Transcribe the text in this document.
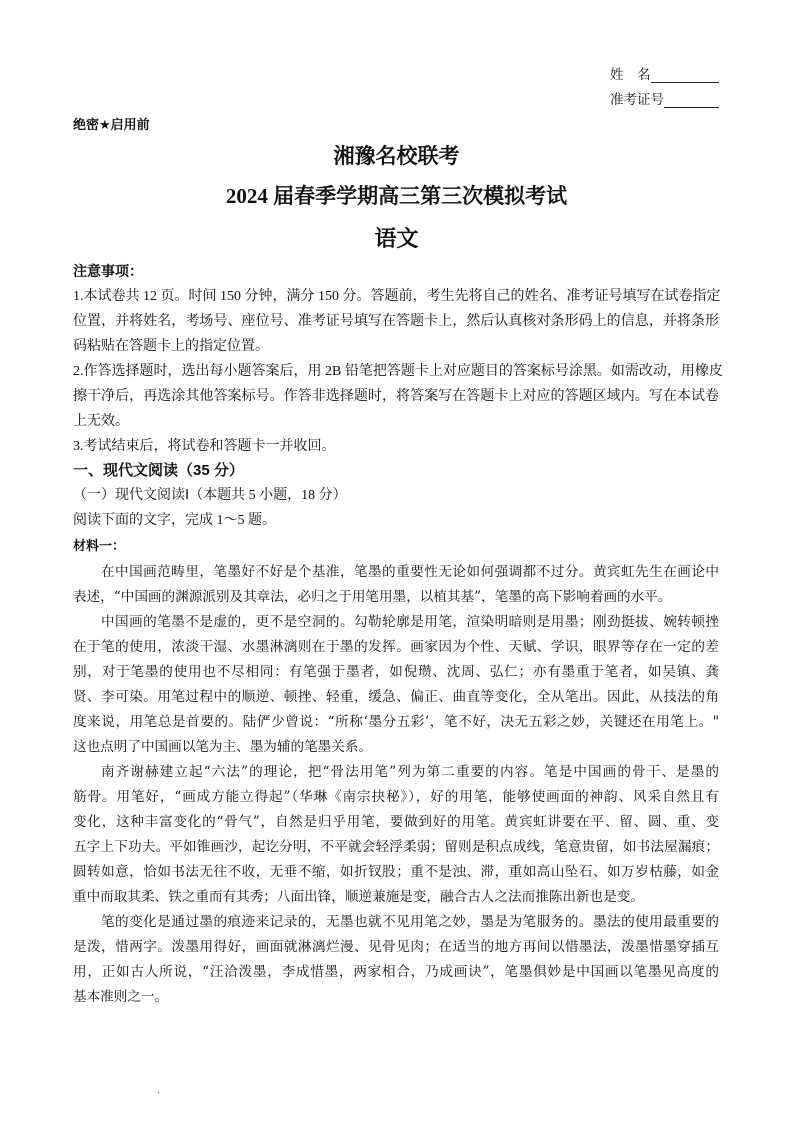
姓　名
准考证号
绝密★启用前
湘豫名校联考
2024 届春季学期高三第三次模拟考试
语文
注意事项：
1.本试卷共 12 页。时间 150 分钟，满分 150 分。答题前，考生先将自己的姓名、准考证号填写在试卷指定
位置，并将姓名，考场号、座位号、准考证号填写在答题卡上，然后认真核对条形码上的信息，并将条形
码粘贴在答题卡上的指定位置。
2.作答选择题时，选出每小题答案后，用 2B 铅笔把答题卡上对应题目的答案标号涂黑。如需改动，用橡皮
擦干净后，再选涂其他答案标号。作答非选择题时，将答案写在答题卡上对应的答题区域内。写在本试卷
上无效。
3.考试结束后，将试卷和答题卡一并收回。
一、现代文阅读（35 分）
（一）现代文阅读Ⅰ（本题共 5 小题，18 分）
阅读下面的文字，完成 1～5 题。
材料一：
在中国画范畴里，笔墨好不好是个基准，笔墨的重要性无论如何强调都不过分。黄宾虹先生在画论中
表述，“中国画的渊源派别及其章法，必归之于用笔用墨，以植其基”，笔墨的高下影响着画的水平。
中国画的笔墨不是虚的，更不是空洞的。勾勒轮廓是用笔，渲染明暗则是用墨；刚劲挺拔、婉转顿挫
在于笔的使用，浓淡干湿、水墨淋漓则在于墨的发挥。画家因为个性、天赋、学识，眼界等存在一定的差
别，对于笔墨的使用也不尽相同：有笔强于墨者，如倪瓒、沈周、弘仁；亦有墨重于笔者，如吴镇、龚
贤、李可染。用笔过程中的顺逆、顿挫、轻重，缓急、偏正、曲直等变化，全从笔出。因此，从技法的角
度来说，用笔总是首要的。陆俨少曾说：“所称‘墨分五彩’，笔不好，决无五彩之妙，关键还在用笔上。"
这也点明了中国画以笔为主、墨为辅的笔墨关系。
南齐谢赫建立起“六法”的理论，把“骨法用笔”列为第二重要的内容。笔是中国画的骨干、是墨的
筋骨。用笔好，“画成方能立得起”（华琳《南宗抉秘》），好的用笔，能够使画面的神韵、风采自然且有
变化，这种丰富变化的“骨气”，自然是归乎用笔，要做到好的用笔。黄宾虹讲要在平、留、圆、重、变
五字上下功夫。平如锥画沙，起讫分明，不平就会轻浮柔弱；留则是积点成线，笔意贵留，如书法屋漏痕；
圆转如意，恰如书法无往不收，无垂不缩，如折钗股；重不是浊、滞，重如高山坠石、如万岁枯藤，如金
重中而取其柔、铁之重而有其秀；八面出锋，顺逆兼施是变，融合古人之法而推陈出新也是变。
笔的变化是通过墨的痕迹来记录的，无墨也就不见用笔之妙，墨是为笔服务的。墨法的使用最重要的
是泼，惜两字。泼墨用得好，画面就淋漓烂漫、见骨见肉；在适当的地方再间以惜墨法，泼墨惜墨穿插互
用，正如古人所说，“汪洽泼墨，李成惜墨，两家相合，乃成画诀”，笔墨俱妙是中国画以笔墨见高度的
基本准则之一。
